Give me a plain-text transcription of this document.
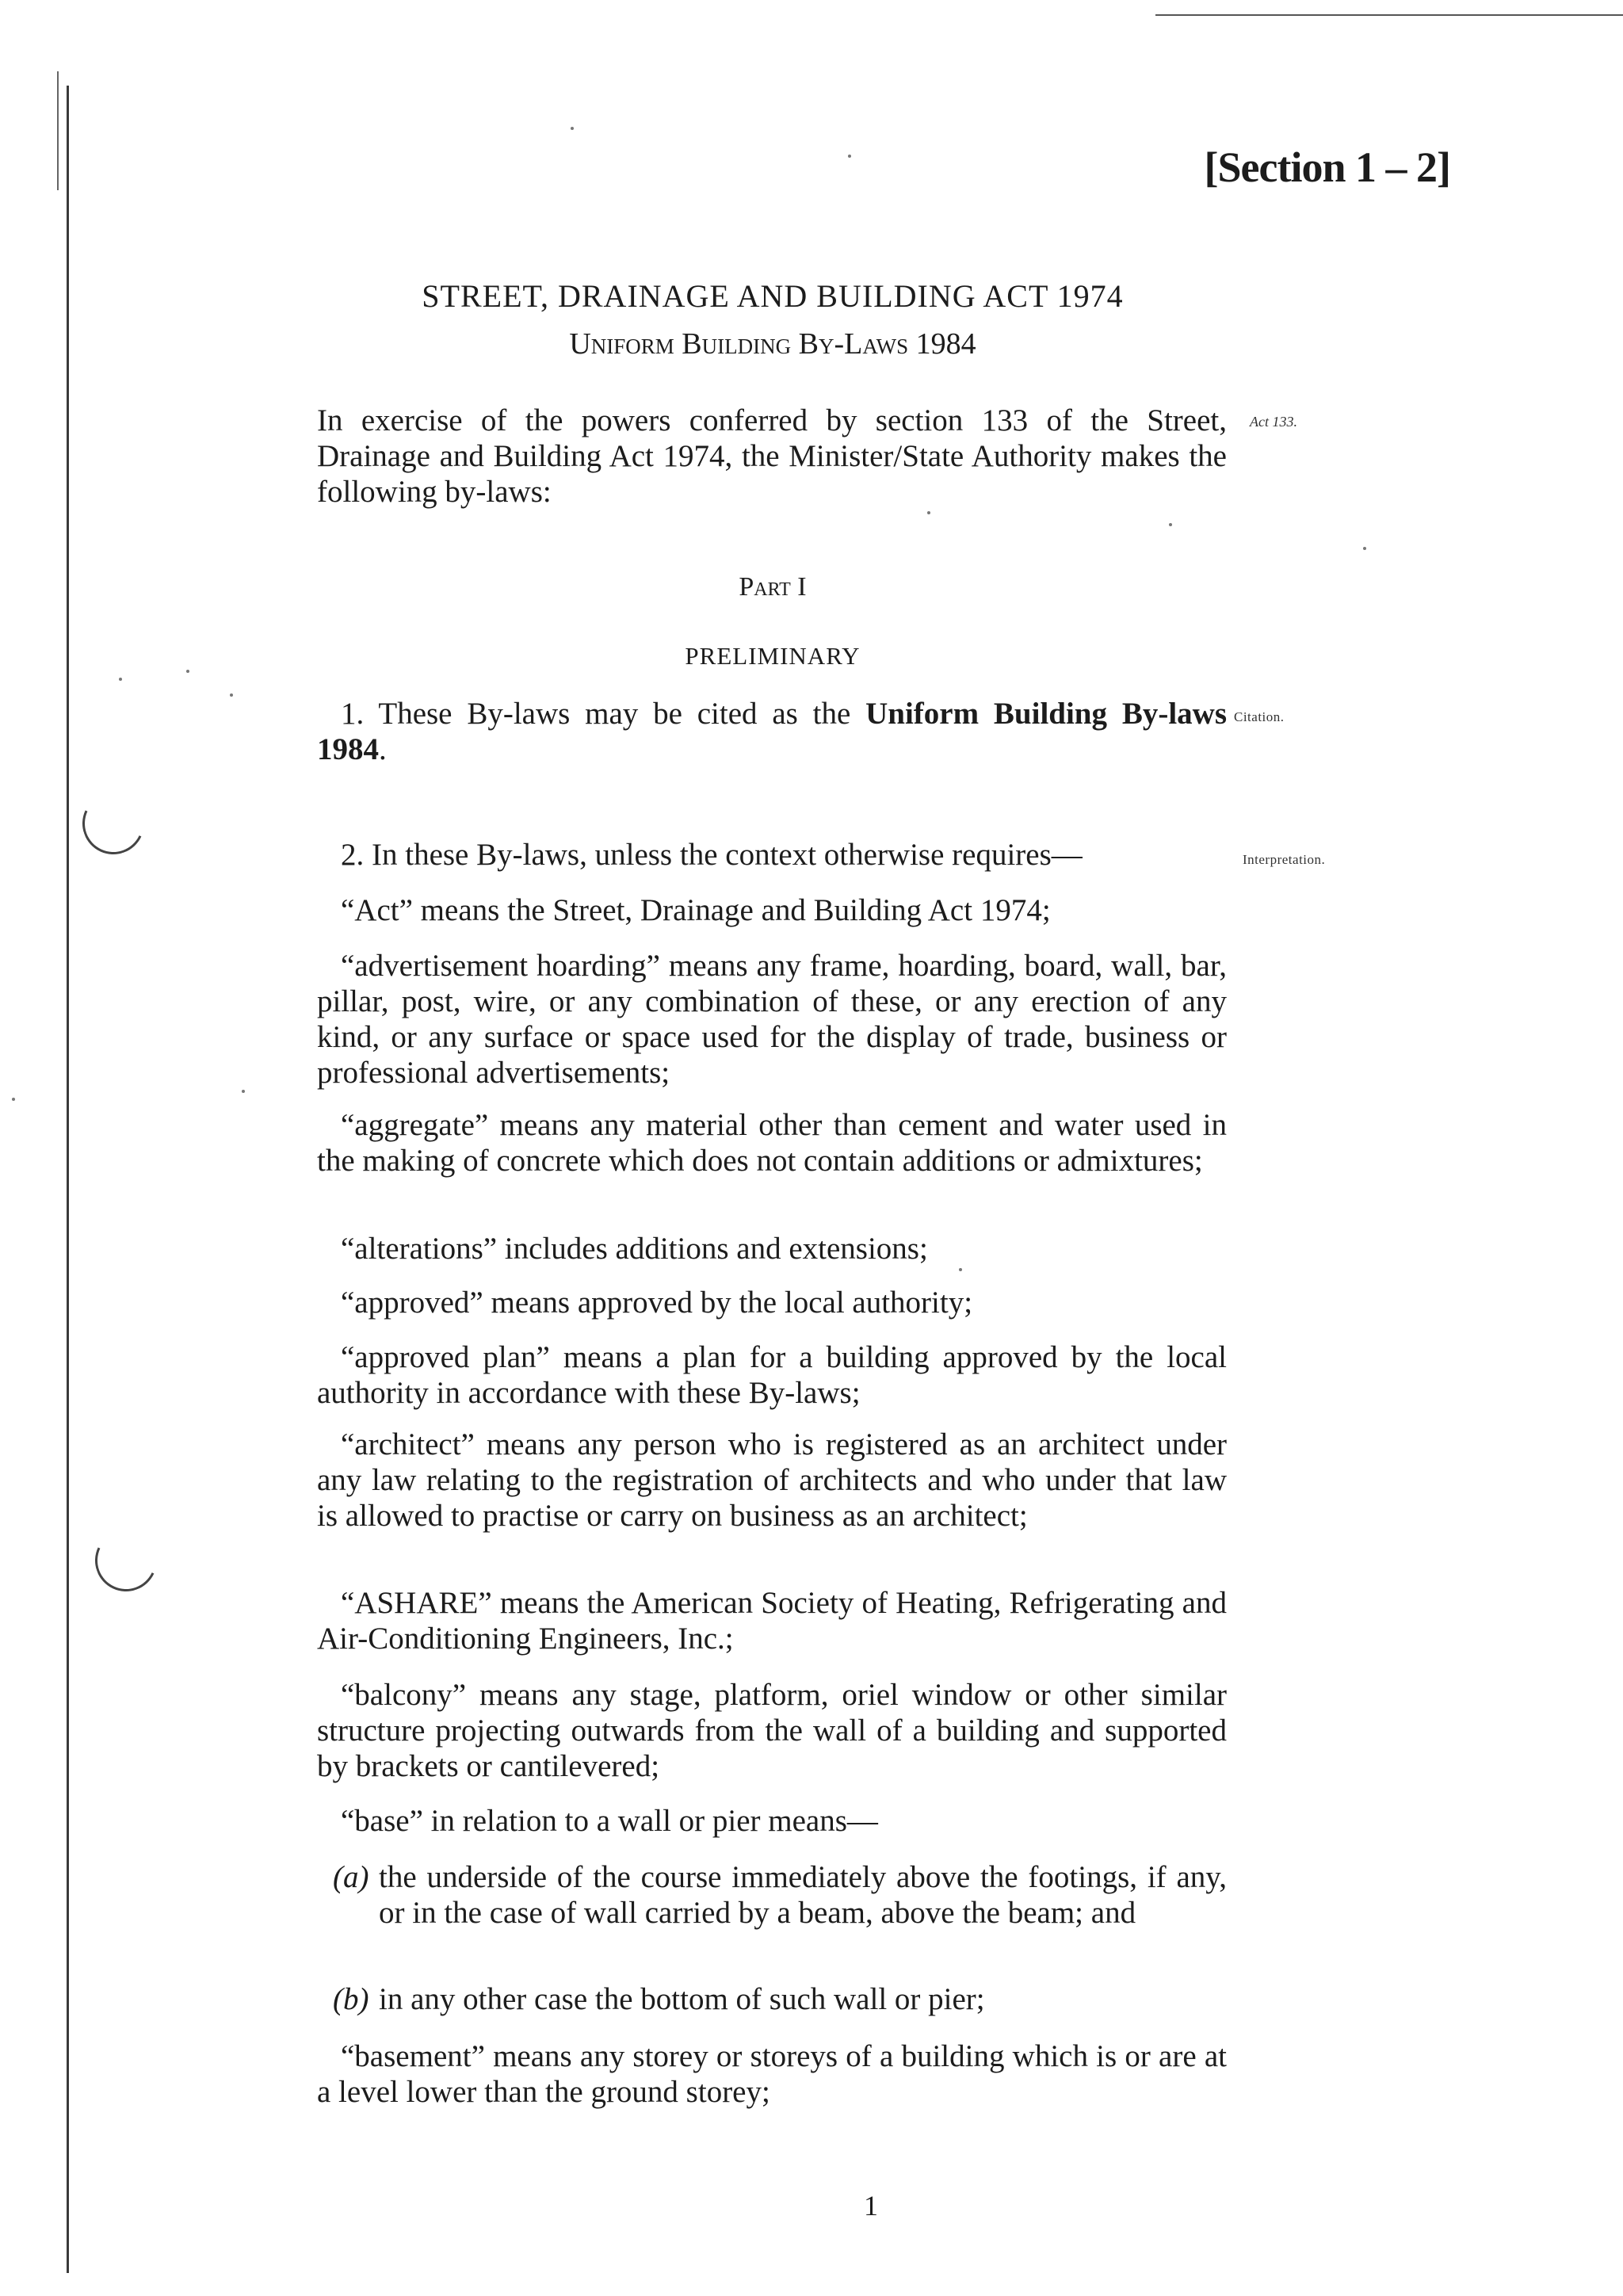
[Section 1 – 2]
STREET, DRAINAGE AND BUILDING ACT 1974
Uniform Building By-Laws 1984
In exercise of the powers conferred by section 133 of the Street, Drainage and Building Act 1974, the Minister/State Authority makes the following by-laws:
Act 133.
Part I
PRELIMINARY
1. These By-laws may be cited as the Uniform Building By-laws 1984.
Citation.
2. In these By-laws, unless the context otherwise requires—	Interpretation.
“Act” means the Street, Drainage and Building Act 1974;
“advertisement hoarding” means any frame, hoarding, board, wall, bar, pillar, post, wire, or any combination of these, or any erection of any kind, or any surface or space used for the display of trade, business or professional advertisements;
“aggregate” means any material other than cement and water used in the making of concrete which does not contain additions or admixtures;
“alterations” includes additions and extensions;
“approved” means approved by the local authority;
“approved plan” means a plan for a building approved by the local authority in accordance with these By-laws;
“architect” means any person who is registered as an architect under any law relating to the registration of architects and who under that law is allowed to practise or carry on business as an architect;
“ASHARE” means the American Society of Heating, Refrigerating and Air-Conditioning Engineers, Inc.;
“balcony” means any stage, platform, oriel window or other similar structure projecting outwards from the wall of a building and supported by brackets or cantilevered;
“base” in relation to a wall or pier means—
(a) the underside of the course immediately above the footings, if any, or in the case of wall carried by a beam, above the beam; and
(b) in any other case the bottom of such wall or pier;
“basement” means any storey or storeys of a building which is or are at a level lower than the ground storey;
1
